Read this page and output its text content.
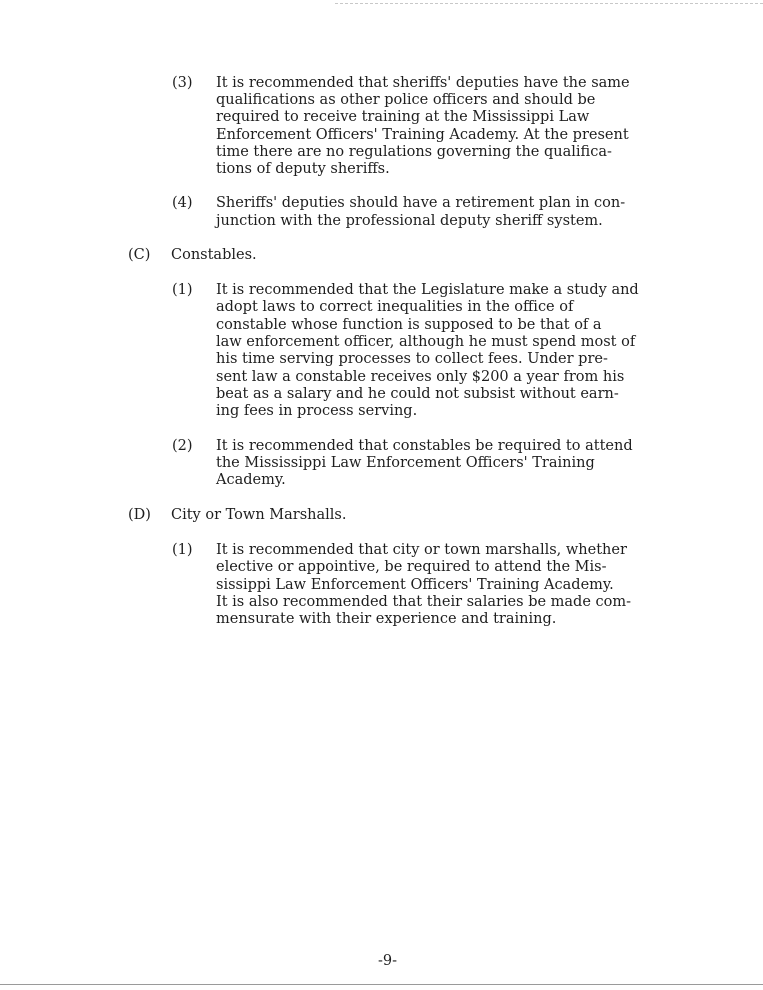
(3) It is recommended that sheriffs' deputies have the same
qualifications as other police officers and should be
required to receive training at the Mississippi Law
Enforcement Officers' Training Academy. At the present
time there are no regulations governing the qualifica-
tions of deputy sheriffs.
(4) Sheriffs' deputies should have a retirement plan in con-
junction with the professional deputy sheriff system.
(C) Constables.
(1) It is recommended that the Legislature make a study and
adopt laws to correct inequalities in the office of
constable whose function is supposed to be that of a
law enforcement officer, although he must spend most of
his time serving processes to collect fees. Under pre-
sent law a constable receives only $200 a year from his
beat as a salary and he could not subsist without earn-
ing fees in process serving.
(2) It is recommended that constables be required to attend
the Mississippi Law Enforcement Officers' Training
Academy.
(D) City or Town Marshalls.
(1) It is recommended that city or town marshalls, whether
elective or appointive, be required to attend the Mis-
sissippi Law Enforcement Officers' Training Academy.
It is also recommended that their salaries be made com-
mensurate with their experience and training.
-9-
